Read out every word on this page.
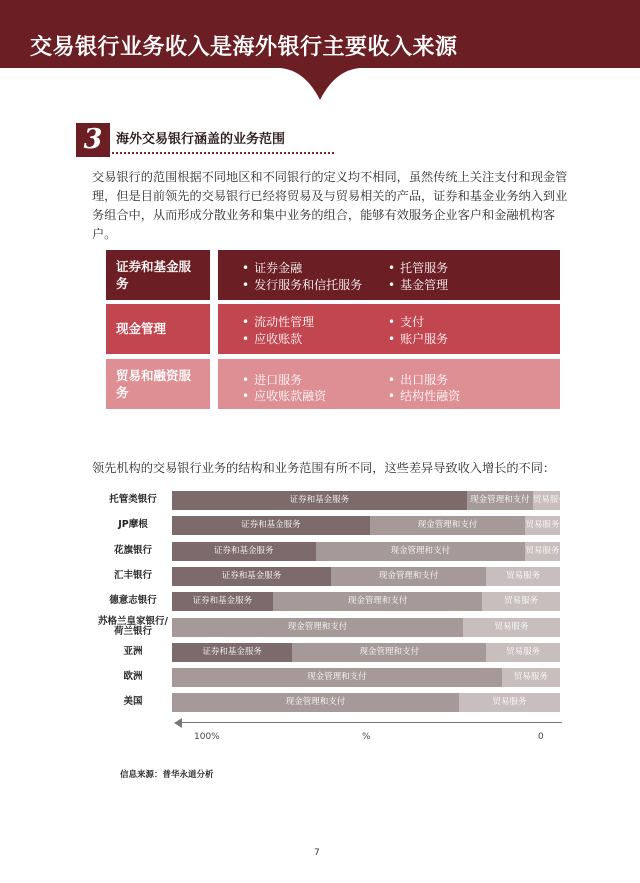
交易银行业务收入是海外银行主要收入来源
3	海外交易银行涵盖的业务范围
交易银行的范围根据不同地区和不同银行的定义均不相同，虽然传统上关注支付和现金管理，但是目前领先的交易银行已经将贸易及与贸易相关的产品，证券和基金业务纳入到业务组合中，从而形成分散业务和集中业务的组合，能够有效服务企业客户和金融机构客户。
证券和基金服务
• 证券金融	• 托管服务
• 发行服务和信托服务	• 基金管理
现金管理	• 流动性管理	• 支付
• 应收账款	• 账户服务
贸易和融资服务
• 进口服务	• 出口服务
• 应收账款融资	• 结构性融资
领先机构的交易银行业务的结构和业务范围有所不同，这些差异导致收入增长的不同：
托管类银行	证券和基金服务	现金管理和支付 贸易服务
JP摩根	证券和基金服务	现金管理和支付	贸易服务
花旗银行	证券和基金服务	现金管理和支付	贸易服务
汇丰银行	证券和基金服务	现金管理和支付	贸易服务
德意志银行	证券和基金服务	现金管理和支付	贸易服务
苏格兰皇家银行/荷兰银行	现金管理和支付	贸易服务
亚洲	证券和基金服务	现金管理和支付	贸易服务
欧洲	现金管理和支付	贸易服务
美国	现金管理和支付	贸易服务
100%	%	0
信息来源：普华永道分析
7
